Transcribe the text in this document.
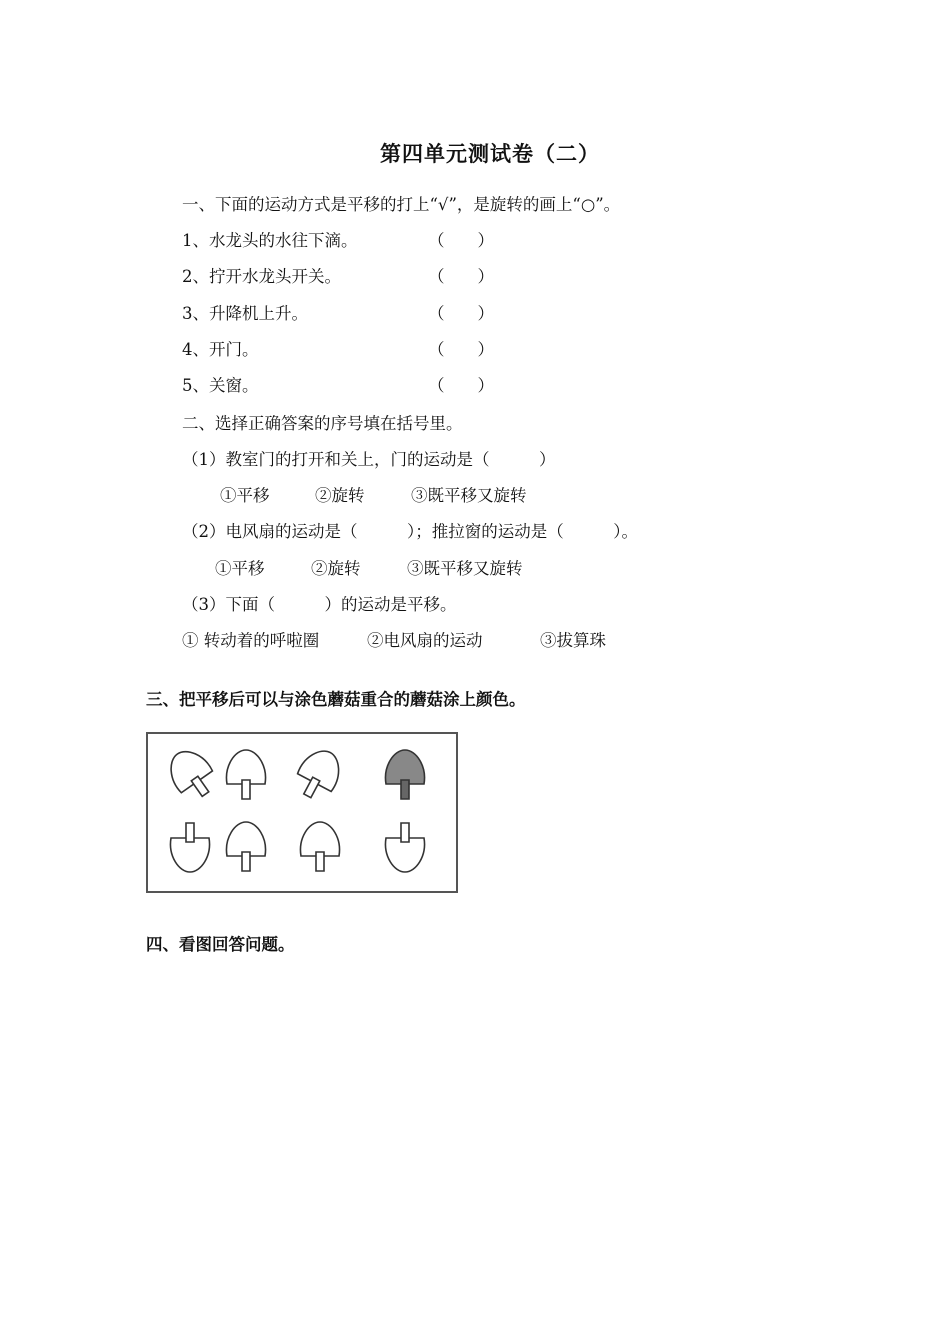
第四单元测试卷（二）
一、下面的运动方式是平移的打上“√”，是旋转的画上“○”。
1、水龙头的水往下滴。	（　　）
2、拧开水龙头开关。	（　　）
3、升降机上升。	（　　）
4、开门。	（　　）
5、关窗。	（　　）
二、选择正确答案的序号填在括号里。
（1）教室门的打开和关上，门的运动是（　　　）
①平移	②旋转	③既平移又旋转
（2）电风扇的运动是（　　　）；推拉窗的运动是（　　　）。
①平移	②旋转	③既平移又旋转
（3）下面（　　　）的运动是平移。
① 转动着的呼啦圈	②电风扇的运动	③拔算珠
三、把平移后可以与涂色蘑菇重合的蘑菇涂上颜色。
四、看图回答问题。
